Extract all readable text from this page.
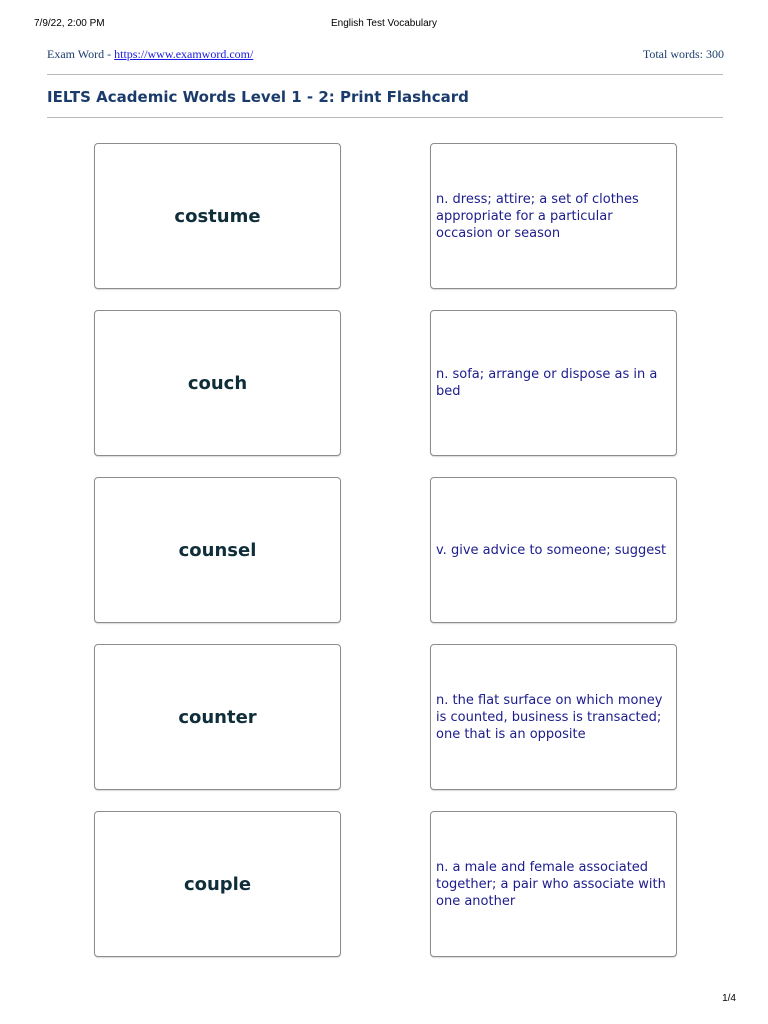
7/9/22, 2:00 PM	English Test Vocabulary
Exam Word - https://www.examword.com/	Total words: 300
IELTS Academic Words Level 1 - 2: Print Flashcard
costume
n. dress; attire; a set of clothes appropriate for a particular occasion or season
couch	n. sofa; arrange or dispose as in a bed
counsel	v. give advice to someone; suggest
counter
n. the flat surface on which money is counted, business is transacted; one that is an opposite
couple
n. a male and female associated together; a pair who associate with one another
1/4
